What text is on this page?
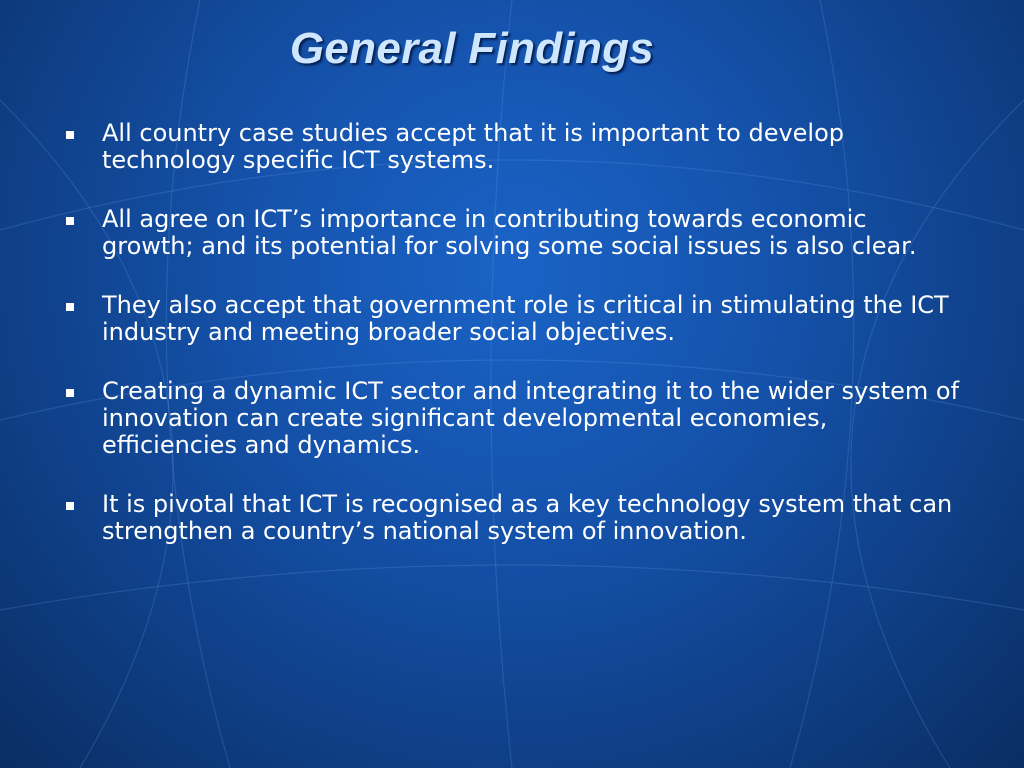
General Findings
All country case studies accept that it is important to develop technology specific ICT systems.
All agree on ICT’s importance in contributing towards economic growth; and its potential for solving some social issues is also clear.
They also accept that government role is critical in stimulating the ICT industry and meeting broader social objectives.
Creating a dynamic ICT sector and integrating it to the wider system of innovation can create significant developmental economies, efficiencies and dynamics.
It is pivotal that ICT is recognised as a key technology system that can strengthen a country’s national system of innovation.
